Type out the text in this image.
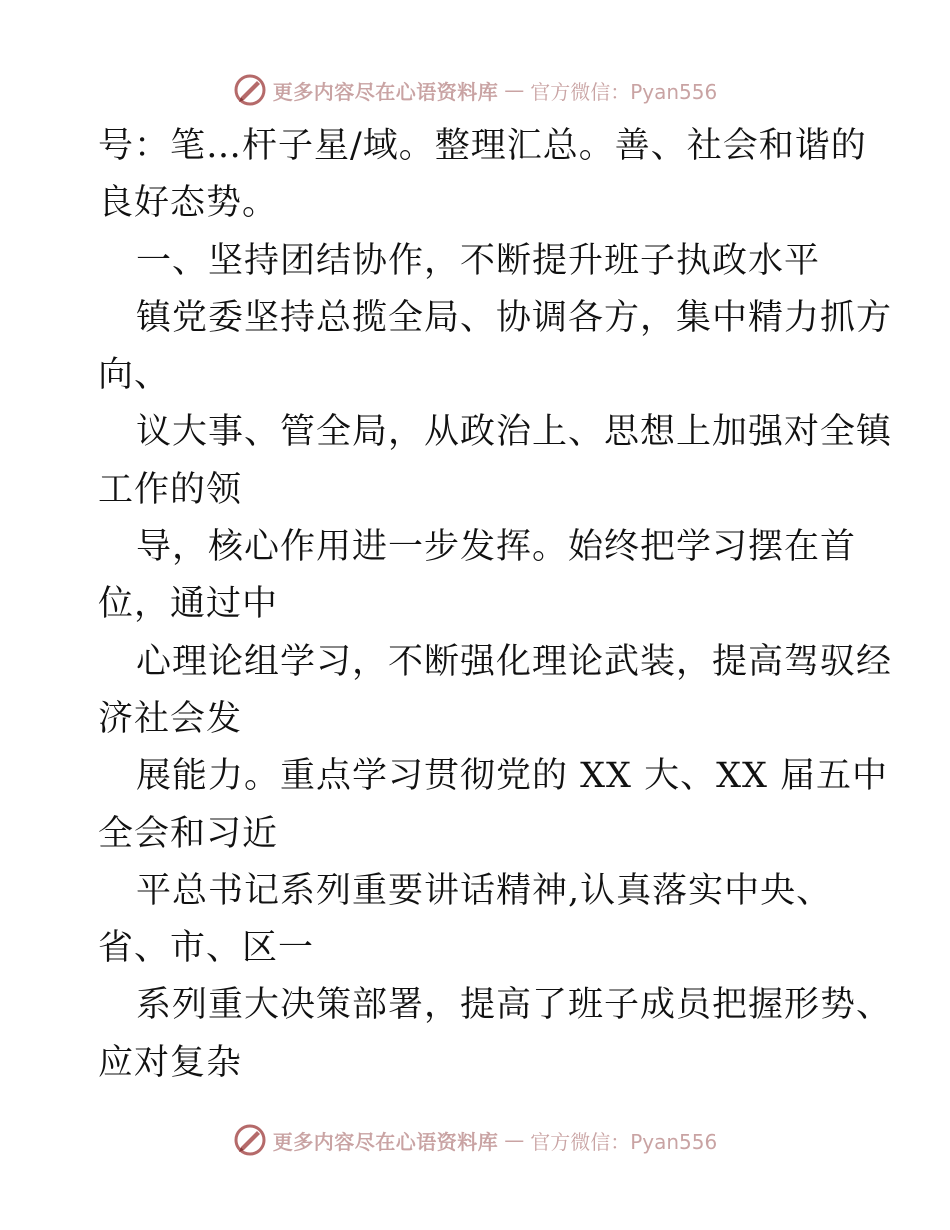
更多内容尽在心语资料库 — 官方微信：Pyan556
号：笔…杆子星/域。整理汇总。善、社会和谐的
良好态势。
一、坚持团结协作，不断提升班子执政水平
镇党委坚持总揽全局、协调各方，集中精力抓方
向、
议大事、管全局，从政治上、思想上加强对全镇
工作的领
导，核心作用进一步发挥。始终把学习摆在首
位，通过中
心理论组学习，不断强化理论武装，提高驾驭经
济社会发
展能力。重点学习贯彻党的 XX 大、XX 届五中
全会和习近
平总书记系列重要讲话精神,认真落实中央、
省、市、区一
系列重大决策部署，提高了班子成员把握形势、
应对复杂
更多内容尽在心语资料库 — 官方微信：Pyan556
